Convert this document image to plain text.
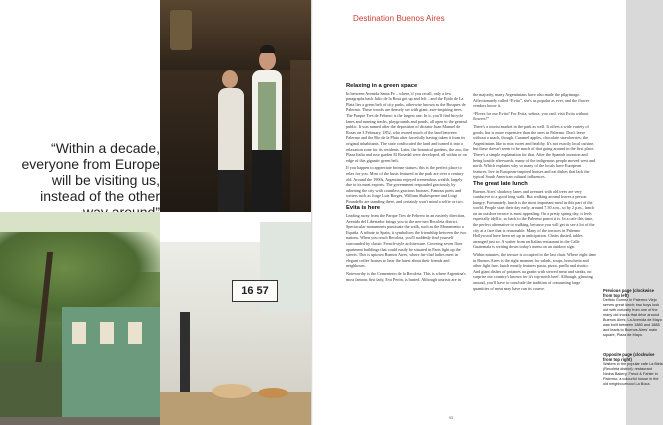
“Within a decade, everyone from Europe will be visiting us, instead of the other
16 57
Destination Buenos Aires
Relaxing in a green space

In between Avenida Santa Fe – where, if you recall, only a few paragraphs back Julio de la Rosa got up and left – and the Ejido de La Plata lies a green belt of city parks, otherwise known as the Bosques de Palermo. These woods are densely set with giant, awe-inspiring trees. The Parque Tres de Febrero is the largest one. In it, you'll find bicycle lanes and running tracks, playgrounds and ponds, all open to the general public. It was named after the deposition of dictator Juan Manuel de Rosas on 3 February, 1852, who owned much of the land between Palermo and the Río de la Plata after forcefully having taken it from its original inhabitants. The state confiscated the land and turned it into a relaxation zone for its residents. Later, the botanical gardens, the zoo, the Plaza Italia and rose garden El Rosedal were developed, all within or on edge of this gigantic green belt.

If you happen to appreciate bronze statues, this is the perfect place to relax for you. Most of the busts featured in the park are over a century old. Around the 1900s, Argentina enjoyed tremendous wealth, largely due to its meat exports. The government responded graciously by adorning the city with countless gracious bronzes. Famous poets and writers such as Jorge Luis Borges, William Shakespeare and Luigi Pirandello are standing there, and certainly won't mind a selfie or two.

Evita is here

Leading away from the Parque Tres de Febrero in an easterly direction, Avenida del Libertador brings you to the neo-neo Recoleta district. Spectacular monuments punctuate the walk, such as the Monumento a España. A tribute to Spain, it symbolises the friendship between the two nations. When you reach Recoleta, you'll suddenly find yourself surrounded by classic French-style architecture. Covering seven floor apartment buildings that could easily be situated in Paris light up the streets. This is uptown Buenos Aires, where fur-clad ladies meet in elegant coffee houses to hear the latest about their friends and neighbours.

Noteworthy is the Cementerio de la Recoleta. This is where Argentina's most famous first lady, Eva Perón, is buried. Although tourists are in

the majority, many Argentinians have also made the pilgrimage. Affectionately called “Evita”, she's as popular as ever, and the flower vendors know it.

“Flores for our Evita? For Evita, señora, you can't visit Evita without flowers!”

There's a tourist market in the park as well. It offers a wide variety of goods, but is more expensive than the ones in Palermo. Don't leave without a snack, though. Caramel apples, chocolate strawberries; the Argentinians like to mix sweet and healthy. It's not exactly local cuisine, but these doesn't seem to be much of that going around in the first place. There's a simple explanation for that. After the Spanish invasion and being hostile afterwards, many of the indigenous people moved west and north. Which explains why so many of the locals have European features, live in European-inspired houses and eat dishes that lack the typical South American cultural influences.

The great late lunch

Buenos Aires' shadowy lanes and avenues with old trees are very conducive to a good long walk. But walking around leaves a person hungry. Fortunately, lunch is the most important meal in this part of the world. People start their day early, around 7.30 a.m., so by 2 p.m., lunch on an outdoor terrace is most appealing. On a pretty spring day, it feels especially idyllic, so back to the Palermo parrot it is. In a cafe this time, the perfect alternative to walking, because you will get to see a lot of the city at a face that is reasonable. Many of the terraces in Palermo Hollywood have been set up in anticipation. Chairs dusted, tables arranged just so. A waiter from an Italian restaurant in the Calle Guatemala is writing down today's menu on an outdoor sign.

Within minutes, the terrace is occupied to the last chair. Where eight time in Buenos Aires is the right moment for salads, soups, bruschetta and other light fare, lunch mostly features pasta, pizza, paella and risotto. And giant dishes of potatoes au gratin with stewed meat and steaks, no surprise our country's known for it's top-notch beef. Although, glancing around, you'll have to conclude the tradition of consuming large quantities of meat may have run its course.	Previous page (clockwise from top left)
Delfido Gomez in Palermo Viejo serves great lunch; two boys look out with curiosity from one of the many old trucks that drive around Buenos Aires; La Avenida de Mayo was built between 1880 and 1888 and leads to Buenos Aires' main square, Plaza de Mayo.
Opposite page (clockwise from top right)
Waiters in the popular cafe La Biela (Recoleta district); restaurant Ninina Bakery, Freud & Fahler in Palermo; a colourful house in the old neighbourhood La Boca.
93
